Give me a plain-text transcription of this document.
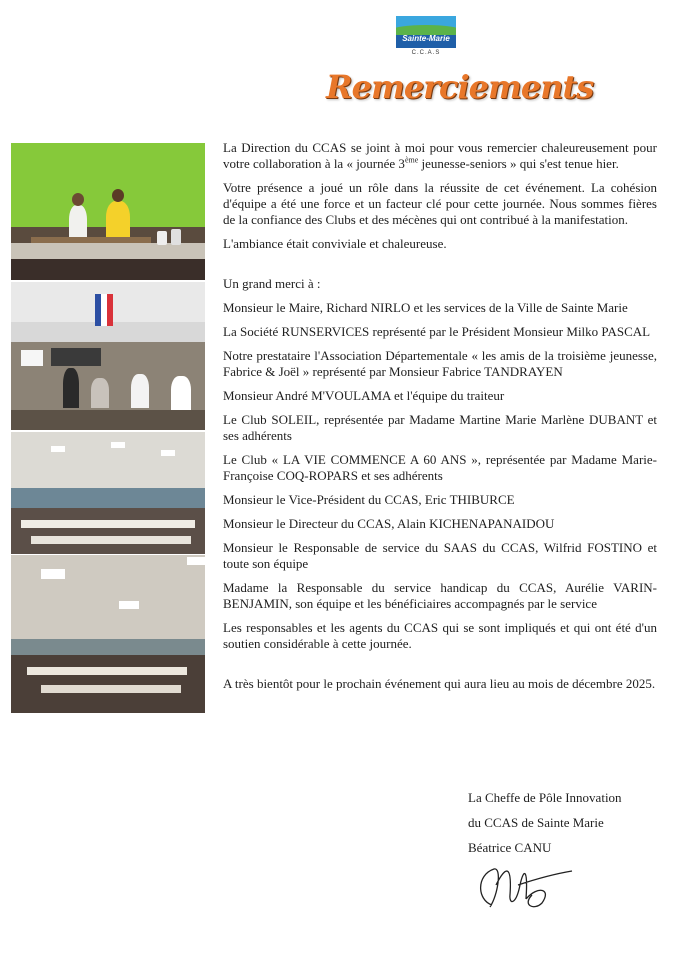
Sainte-Marie
C.C.A.S
Remerciements

La Direction du CCAS se joint à moi pour vous remercier chaleureusement pour votre collaboration à la « journée 3ème jeunesse-seniors » qui s'est tenue hier.

Votre présence a joué un rôle dans la réussite de cet événement. La cohésion d'équipe a été une force et un facteur clé pour cette journée. Nous sommes fières de la confiance des Clubs et des mécènes qui ont contribué à la manifestation.

L'ambiance était conviviale et chaleureuse.

Un grand merci à :

Monsieur le Maire, Richard NIRLO et les services de la Ville de Sainte Marie

La Société RUNSERVICES représenté par le Président Monsieur Milko PASCAL

Notre prestataire l'Association Départementale « les amis de la troisième jeunesse, Fabrice & Joël » représenté par Monsieur Fabrice TANDRAYEN

Monsieur André M'VOULAMA et l'équipe du traiteur

Le Club SOLEIL, représentée par Madame Martine Marie Marlène DUBANT et ses adhérents

Le Club « LA VIE COMMENCE A 60 ANS », représentée par Madame Marie-Françoise COQ-ROPARS et ses adhérents

Monsieur le Vice-Président du CCAS, Eric THIBURCE

Monsieur le Directeur du CCAS, Alain KICHENAPANAIDOU

Monsieur le Responsable de service du SAAS du CCAS, Wilfrid FOSTINO et toute son équipe

Madame la Responsable du service handicap du CCAS, Aurélie VARIN-BENJAMIN, son équipe et les bénéficiaires accompagnés par le service

Les responsables et les agents du CCAS qui se sont impliqués et qui ont été d'un soutien considérable à cette journée.

A très bientôt pour le prochain événement qui aura lieu au mois de décembre 2025.

La Cheffe de Pôle Innovation
du CCAS de Sainte Marie
Béatrice CANU
